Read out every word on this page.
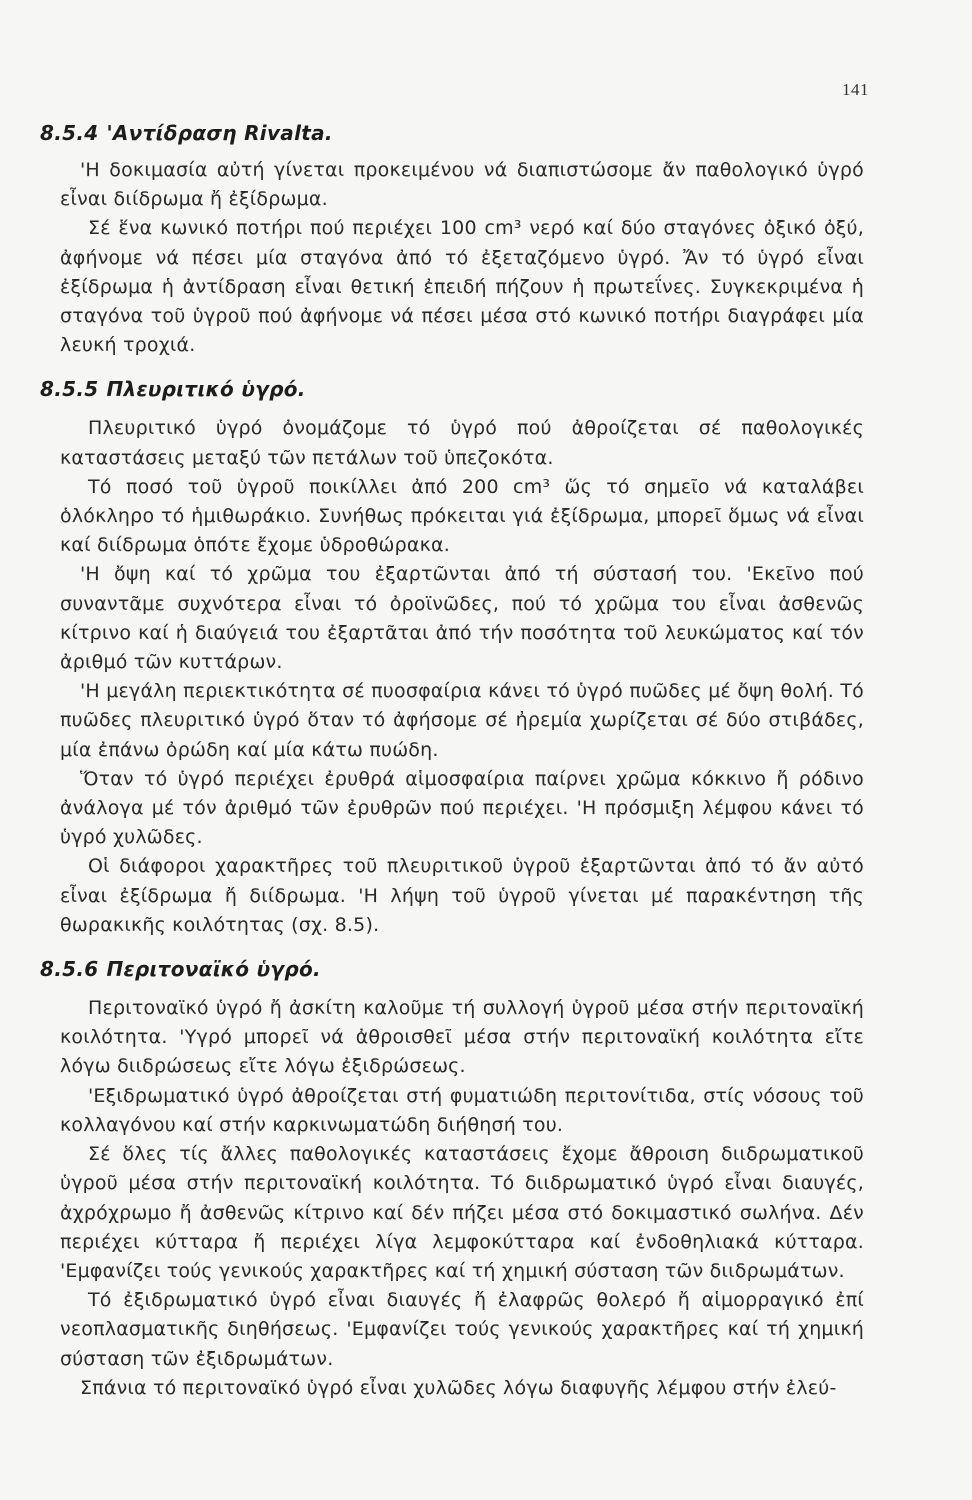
141
8.5.4 'Αντίδραση Rivalta.

'Η δοκιμασία αὐτή γίνεται προκειμένου νά διαπιστώσομε ἄν παθολογικό ὑγρό εἶναι διίδρωμα ἤ ἐξίδρωμα.

Σέ ἕνα κωνικό ποτήρι πού περιέχει 100 cm³ νερό καί δύο σταγόνες ὀξικό ὀξύ, ἀφήνομε νά πέσει μία σταγόνα ἀπό τό ἐξεταζόμενο ὑγρό. Ἄν τό ὑγρό εἶναι ἐξίδρωμα ἡ ἀντίδραση εἶναι θετική ἐπειδή πήζουν ἡ πρωτεΐνες. Συγκεκριμένα ἡ σταγόνα τοῦ ὑγροῦ πού ἀφήνομε νά πέσει μέσα στό κωνικό ποτήρι διαγράφει μία λευκή τροχιά.

8.5.5 Πλευριτικό ὑγρό.

Πλευριτικό ὑγρό ὀνομάζομε τό ὑγρό πού ἀθροίζεται σέ παθολογικές καταστάσεις μεταξύ τῶν πετάλων τοῦ ὑπεζοκότα.

Τό ποσό τοῦ ὑγροῦ ποικίλλει ἀπό 200 cm³ ὥς τό σημεῖο νά καταλάβει ὁλόκληρο τό ἡμιθωράκιο. Συνήθως πρόκειται γιά ἐξίδρωμα, μπορεῖ ὅμως νά εἶναι καί διίδρωμα ὁπότε ἔχομε ὑδροθώρακα.

'Η ὄψη καί τό χρῶμα του ἐξαρτῶνται ἀπό τή σύστασή του. 'Εκεῖνο πού συναντᾶμε συχνότερα εἶναι τό ὀροϊνῶδες, πού τό χρῶμα του εἶναι ἀσθενῶς κίτρινο καί ἡ διαύγειά του ἐξαρτᾶται ἀπό τήν ποσότητα τοῦ λευκώματος καί τόν ἀριθμό τῶν κυττάρων.

'Η μεγάλη περιεκτικότητα σέ πυοσφαίρια κάνει τό ὑγρό πυῶδες μέ ὄψη θολή. Τό πυῶδες πλευριτικό ὑγρό ὅταν τό ἀφήσομε σέ ἠρεμία χωρίζεται σέ δύο στιβάδες, μία ἐπάνω ὀρώδη καί μία κάτω πυώδη.

Ὅταν τό ὑγρό περιέχει ἐρυθρά αἱμοσφαίρια παίρνει χρῶμα κόκκινο ἤ ρόδινο ἀνάλογα μέ τόν ἀριθμό τῶν ἐρυθρῶν πού περιέχει. 'Η πρόσμιξη λέμφου κάνει τό ὑγρό χυλῶδες.

Οἱ διάφοροι χαρακτῆρες τοῦ πλευριτικοῦ ὑγροῦ ἐξαρτῶνται ἀπό τό ἄν αὐτό εἶναι ἐξίδρωμα ἤ διίδρωμα. 'Η λήψη τοῦ ὑγροῦ γίνεται μέ παρακέντηση τῆς θωρακικῆς κοιλότητας (σχ. 8.5).

8.5.6 Περιτοναϊκό ὑγρό.

Περιτοναϊκό ὑγρό ἤ ἀσκίτη καλοῦμε τή συλλογή ὑγροῦ μέσα στήν περιτοναϊκή κοιλότητα. 'Υγρό μπορεῖ νά ἀθροισθεῖ μέσα στήν περιτοναϊκή κοιλότητα εἴτε λόγω διιδρώσεως εἴτε λόγω ἐξιδρώσεως.

'Εξιδρωματικό ὑγρό ἀθροίζεται στή φυματιώδη περιτονίτιδα, στίς νόσους τοῦ κολλαγόνου καί στήν καρκινωματώδη διήθησή του.

Σέ ὅλες τίς ἄλλες παθολογικές καταστάσεις ἔχομε ἄθροιση διιδρωματικοῦ ὑγροῦ μέσα στήν περιτοναϊκή κοιλότητα. Τό διιδρωματικό ὑγρό εἶναι διαυγές, ἀχρόχρωμο ἤ ἀσθενῶς κίτρινο καί δέν πήζει μέσα στό δοκιμαστικό σωλήνα. Δέν περιέχει κύτταρα ἤ περιέχει λίγα λεμφοκύτταρα καί ἐνδοθηλιακά κύτταρα. 'Εμφανίζει τούς γενικούς χαρακτῆρες καί τή χημική σύσταση τῶν διιδρωμάτων.

Τό ἐξιδρωματικό ὑγρό εἶναι διαυγές ἤ ἐλαφρῶς θολερό ἤ αἱμορραγικό ἐπί νεοπλασματικῆς διηθήσεως. 'Εμφανίζει τούς γενικούς χαρακτῆρες καί τή χημική σύσταση τῶν ἐξιδρωμάτων.

Σπάνια τό περιτοναϊκό ὑγρό εἶναι χυλῶδες λόγω διαφυγῆς λέμφου στήν ἐλεύ-
